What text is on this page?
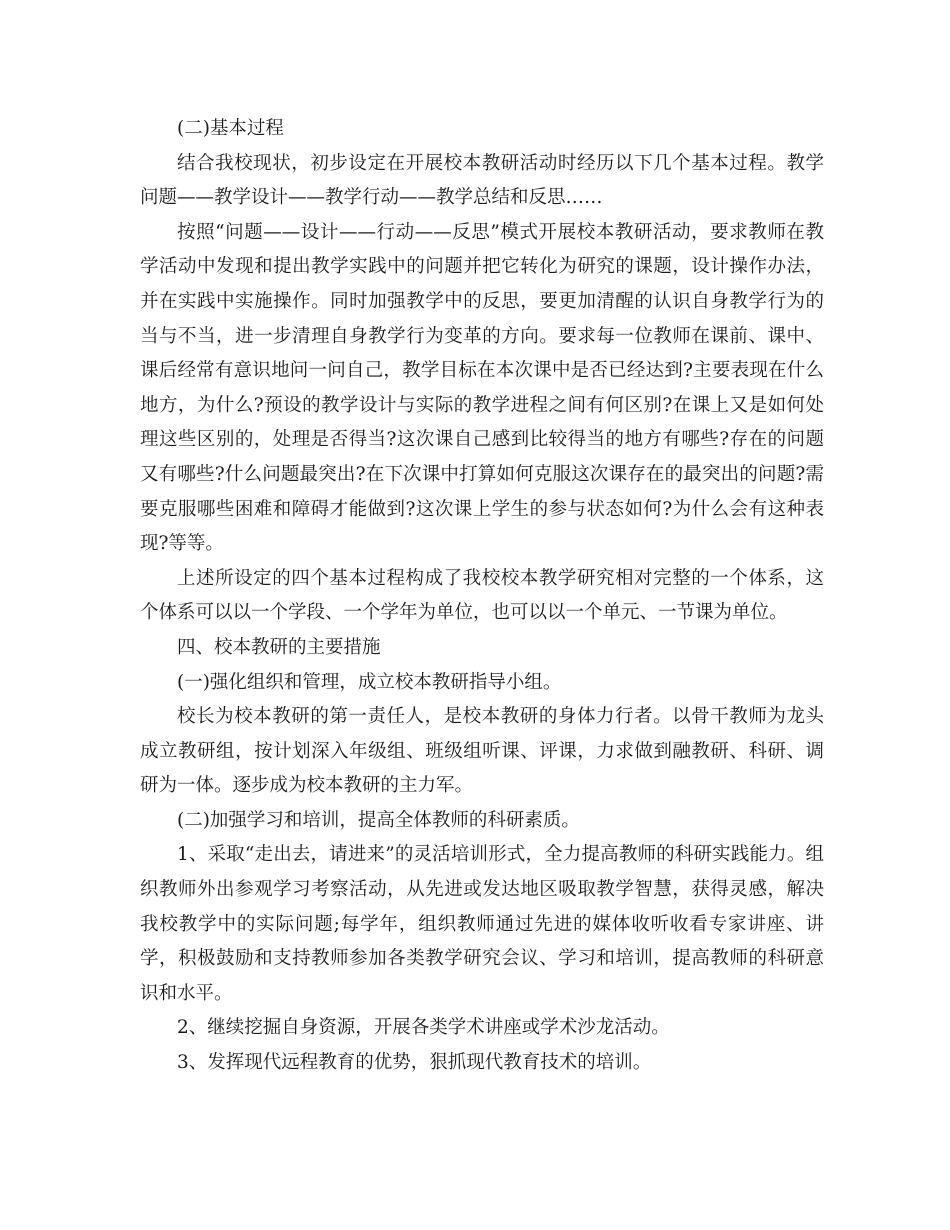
(二)基本过程

结合我校现状，初步设定在开展校本教研活动时经历以下几个基本过程。教学问题——教学设计——教学行动——教学总结和反思……

按照“问题——设计——行动——反思”模式开展校本教研活动，要求教师在教学活动中发现和提出教学实践中的问题并把它转化为研究的课题，设计操作办法，并在实践中实施操作。同时加强教学中的反思，要更加清醒的认识自身教学行为的当与不当，进一步清理自身教学行为变革的方向。要求每一位教师在课前、课中、课后经常有意识地问一问自己，教学目标在本次课中是否已经达到?主要表现在什么地方，为什么?预设的教学设计与实际的教学进程之间有何区别?在课上又是如何处理这些区别的，处理是否得当?这次课自己感到比较得当的地方有哪些?存在的问题又有哪些?什么问题最突出?在下次课中打算如何克服这次课存在的最突出的问题?需要克服哪些困难和障碍才能做到?这次课上学生的参与状态如何?为什么会有这种表现?等等。

上述所设定的四个基本过程构成了我校校本教学研究相对完整的一个体系，这个体系可以以一个学段、一个学年为单位，也可以以一个单元、一节课为单位。

四、校本教研的主要措施

(一)强化组织和管理，成立校本教研指导小组。

校长为校本教研的第一责任人，是校本教研的身体力行者。以骨干教师为龙头成立教研组，按计划深入年级组、班级组听课、评课，力求做到融教研、科研、调研为一体。逐步成为校本教研的主力军。

(二)加强学习和培训，提高全体教师的科研素质。

1、采取“走出去，请进来”的灵活培训形式，全力提高教师的科研实践能力。组织教师外出参观学习考察活动，从先进或发达地区吸取教学智慧，获得灵感，解决我校教学中的实际问题;每学年，组织教师通过先进的媒体收听收看专家讲座、讲学，积极鼓励和支持教师参加各类教学研究会议、学习和培训，提高教师的科研意识和水平。

2、继续挖掘自身资源，开展各类学术讲座或学术沙龙活动。

3、发挥现代远程教育的优势，狠抓现代教育技术的培训。
